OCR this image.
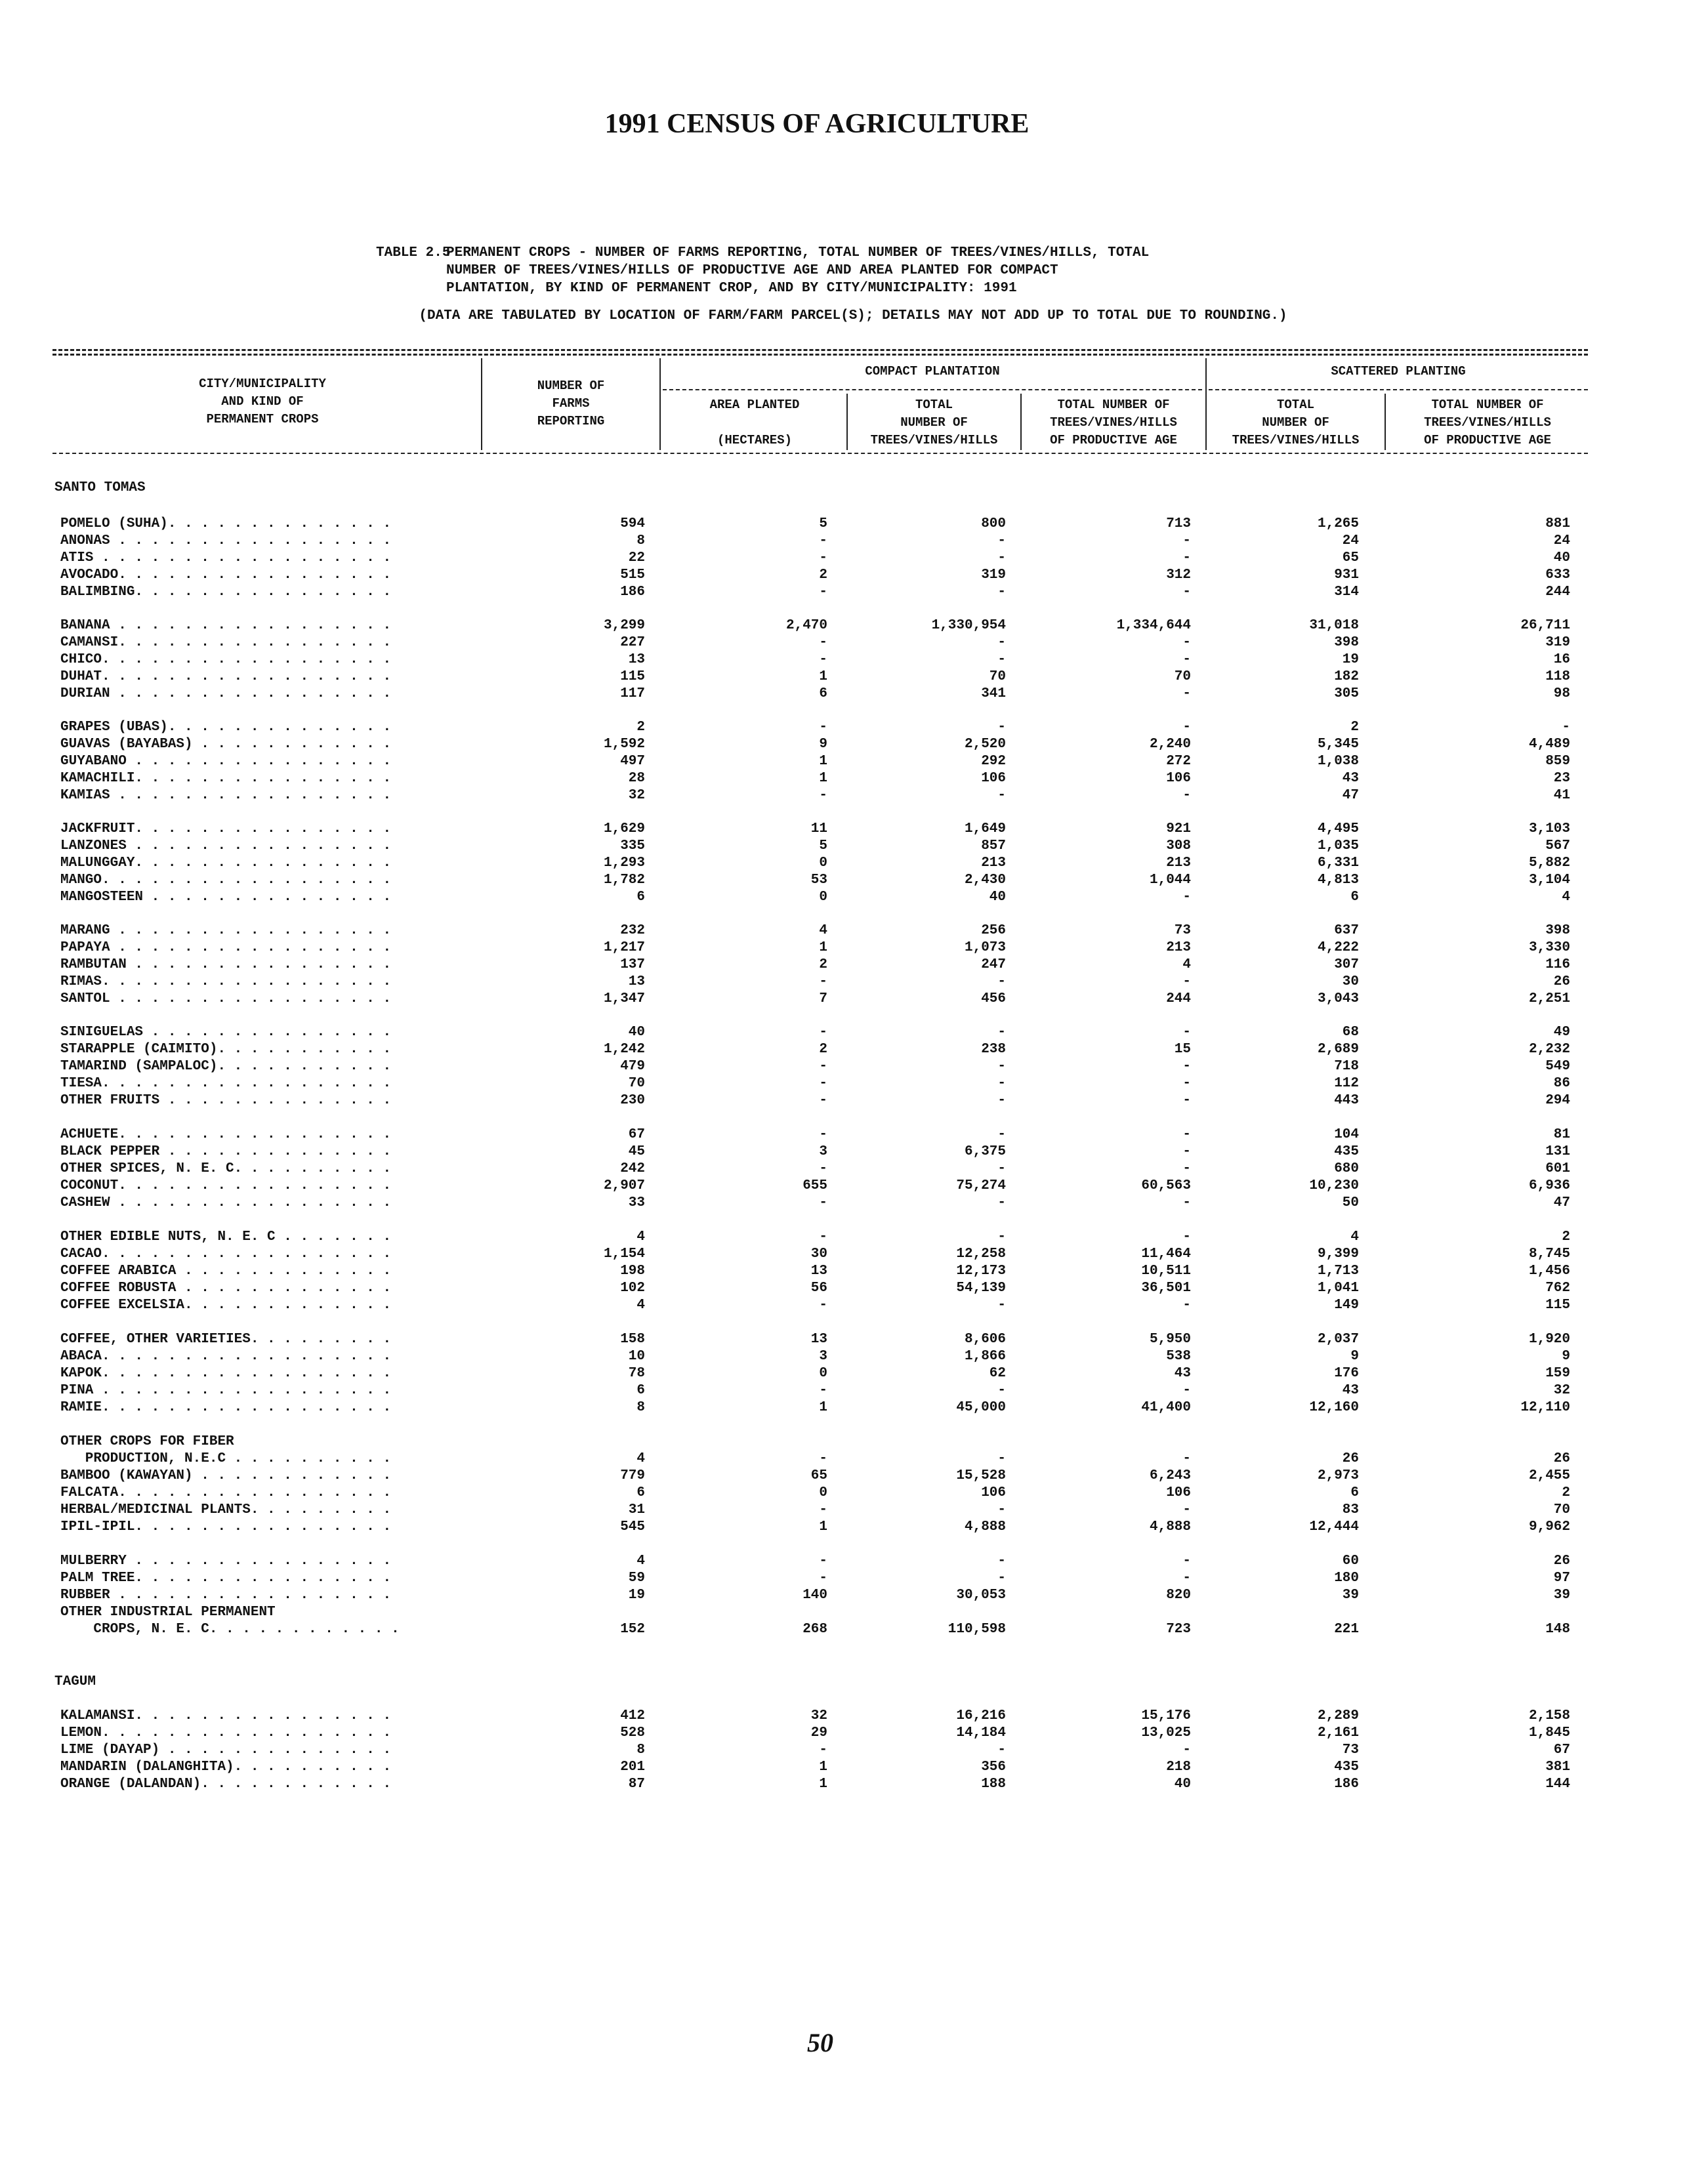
1991 CENSUS OF AGRICULTURE
TABLE 2.5
PERMANENT CROPS - NUMBER OF FARMS REPORTING, TOTAL NUMBER OF TREES/VINES/HILLS, TOTAL
NUMBER OF TREES/VINES/HILLS OF PRODUCTIVE AGE AND AREA PLANTED FOR COMPACT
PLANTATION, BY KIND OF PERMANENT CROP, AND BY CITY/MUNICIPALITY: 1991
(DATA ARE TABULATED BY LOCATION OF FARM/FARM PARCEL(S); DETAILS MAY NOT ADD UP TO TOTAL DUE TO ROUNDING.)
CITY/MUNICIPALITY
AND KIND OF
PERMANENT CROPS
NUMBER OF
FARMS
REPORTING
COMPACT PLANTATION	SCATTERED PLANTING
AREA PLANTED
(HECTARES)
TOTAL
NUMBER OF
TREES/VINES/HILLS
TOTAL NUMBER OF
TREES/VINES/HILLS
OF PRODUCTIVE AGE
TOTAL
NUMBER OF
TREES/VINES/HILLS
TOTAL NUMBER OF
TREES/VINES/HILLS
OF PRODUCTIVE AGE
SANTO TOMAS
TAGUM
POMELO (SUHA). . . . . . . . . . . . . .	594	5	800	713	1,265	881
ANONAS . . . . . . . . . . . . . . . . .	8	-	-	-	24	24
ATIS . . . . . . . . . . . . . . . . . .	22	-	-	-	65	40
AVOCADO. . . . . . . . . . . . . . . . .	515	2	319	312	931	633
BALIMBING. . . . . . . . . . . . . . . .	186	-	-	-	314	244
BANANA . . . . . . . . . . . . . . . . .	3,299	2,470	1,330,954	1,334,644	31,018	26,711
CAMANSI. . . . . . . . . . . . . . . . .	227	-	-	-	398	319
CHICO. . . . . . . . . . . . . . . . . .	13	-	-	-	19	16
DUHAT. . . . . . . . . . . . . . . . . .	115	1	70	70	182	118
DURIAN . . . . . . . . . . . . . . . . .	117	6	341	-	305	98
GRAPES (UBAS). . . . . . . . . . . . . .	2	-	-	-	2	-
GUAVAS (BAYABAS) . . . . . . . . . . . .	1,592	9	2,520	2,240	5,345	4,489
GUYABANO . . . . . . . . . . . . . . . .	497	1	292	272	1,038	859
KAMACHILI. . . . . . . . . . . . . . . .	28	1	106	106	43	23
KAMIAS . . . . . . . . . . . . . . . . .	32	-	-	-	47	41
JACKFRUIT. . . . . . . . . . . . . . . .	1,629	11	1,649	921	4,495	3,103
LANZONES . . . . . . . . . . . . . . . .	335	5	857	308	1,035	567
MALUNGGAY. . . . . . . . . . . . . . . .	1,293	0	213	213	6,331	5,882
MANGO. . . . . . . . . . . . . . . . . .	1,782	53	2,430	1,044	4,813	3,104
MANGOSTEEN . . . . . . . . . . . . . . .	6	0	40	-	6	4
MARANG . . . . . . . . . . . . . . . . .	232	4	256	73	637	398
PAPAYA . . . . . . . . . . . . . . . . .	1,217	1	1,073	213	4,222	3,330
RAMBUTAN . . . . . . . . . . . . . . . .	137	2	247	4	307	116
RIMAS. . . . . . . . . . . . . . . . . .	13	-	-	-	30	26
SANTOL . . . . . . . . . . . . . . . . .	1,347	7	456	244	3,043	2,251
SINIGUELAS . . . . . . . . . . . . . . .	40	-	-	-	68	49
STARAPPLE (CAIMITO). . . . . . . . . . .	1,242	2	238	15	2,689	2,232
TAMARIND (SAMPALOC). . . . . . . . . . .	479	-	-	-	718	549
TIESA. . . . . . . . . . . . . . . . . .	70	-	-	-	112	86
OTHER FRUITS . . . . . . . . . . . . . .	230	-	-	-	443	294
ACHUETE. . . . . . . . . . . . . . . . .	67	-	-	-	104	81
BLACK PEPPER . . . . . . . . . . . . . .	45	3	6,375	-	435	131
OTHER SPICES, N. E. C. . . . . . . . . .	242	-	-	-	680	601
COCONUT. . . . . . . . . . . . . . . . .	2,907	655	75,274	60,563	10,230	6,936
CASHEW . . . . . . . . . . . . . . . . .	33	-	-	-	50	47
OTHER EDIBLE NUTS, N. E. C . . . . . . .	4	-	-	-	4	2
CACAO. . . . . . . . . . . . . . . . . .	1,154	30	12,258	11,464	9,399	8,745
COFFEE ARABICA . . . . . . . . . . . . .	198	13	12,173	10,511	1,713	1,456
COFFEE ROBUSTA . . . . . . . . . . . . .	102	56	54,139	36,501	1,041	762
COFFEE EXCELSIA. . . . . . . . . . . . .	4	-	-	-	149	115
COFFEE, OTHER VARIETIES. . . . . . . . .	158	13	8,606	5,950	2,037	1,920
ABACA. . . . . . . . . . . . . . . . . .	10	3	1,866	538	9	9
KAPOK. . . . . . . . . . . . . . . . . .	78	0	62	43	176	159
PINA . . . . . . . . . . . . . . . . . .	6	-	-	-	43	32
RAMIE. . . . . . . . . . . . . . . . . .	8	1	45,000	41,400	12,160	12,110
OTHER CROPS FOR FIBER
PRODUCTION, N.E.C . . . . . . . . . .	4	-	-	-	26	26
BAMBOO (KAWAYAN) . . . . . . . . . . . .	779	65	15,528	6,243	2,973	2,455
FALCATA. . . . . . . . . . . . . . . . .	6	0	106	106	6	2
HERBAL/MEDICINAL PLANTS. . . . . . . . .	31	-	-	-	83	70
IPIL-IPIL. . . . . . . . . . . . . . . .	545	1	4,888	4,888	12,444	9,962
MULBERRY . . . . . . . . . . . . . . . .	4	-	-	-	60	26
PALM TREE. . . . . . . . . . . . . . . .	59	-	-	-	180	97
RUBBER . . . . . . . . . . . . . . . . .	19	140	30,053	820	39	39
OTHER INDUSTRIAL PERMANENT
CROPS, N. E. C. . . . . . . . . . . .	152	268	110,598	723	221	148
KALAMANSI. . . . . . . . . . . . . . . .	412	32	16,216	15,176	2,289	2,158
LEMON. . . . . . . . . . . . . . . . . .	528	29	14,184	13,025	2,161	1,845
LIME (DAYAP) . . . . . . . . . . . . . .	8	-	-	-	73	67
MANDARIN (DALANGHITA). . . . . . . . . .	201	1	356	218	435	381
ORANGE (DALANDAN). . . . . . . . . . . .	87	1	188	40	186	144
50
